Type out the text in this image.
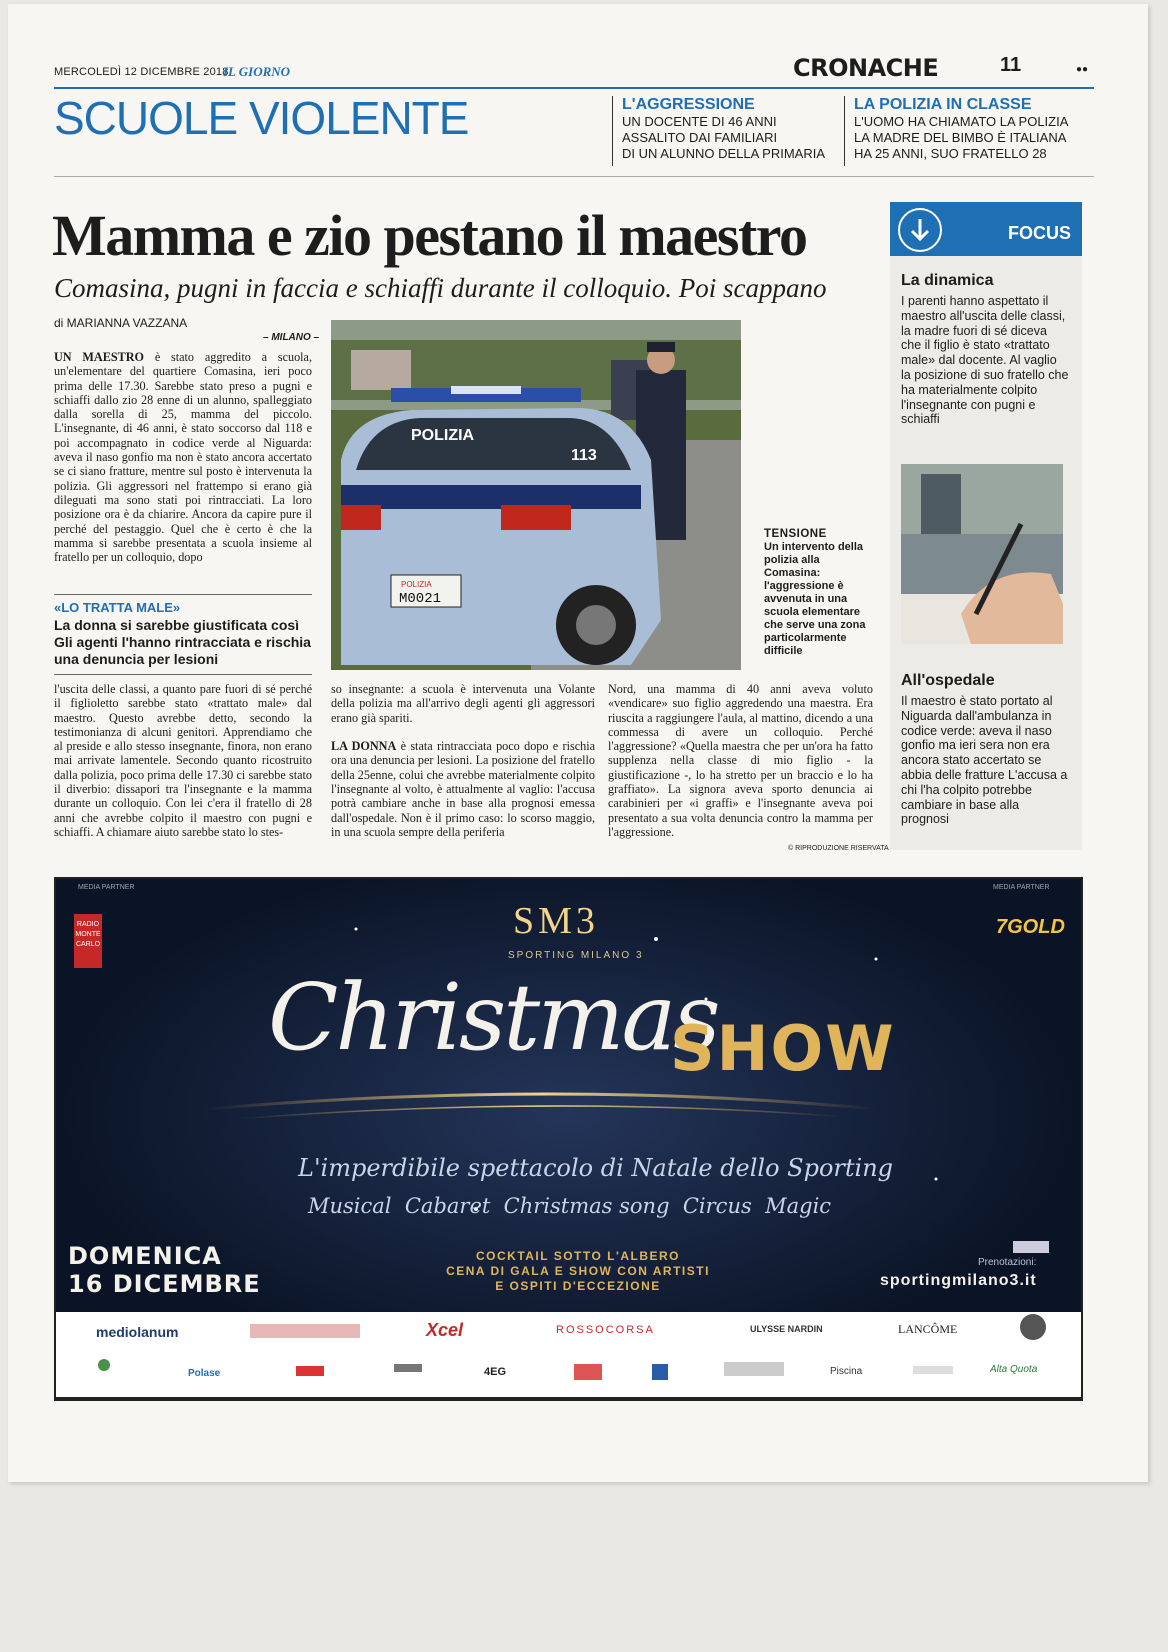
MERCOLEDÌ 12 DICEMBRE 2018
IL GIORNO	CRONACHE	11	●●
SCUOLE VIOLENTE	L'AGGRESSIONE
UN DOCENTE DI 46 ANNI
ASSALITO DAI FAMILIARI
DI UN ALUNNO DELLA PRIMARIA
LA POLIZIA IN CLASSE
L'UOMO HA CHIAMATO LA POLIZIA
LA MADRE DEL BIMBO È ITALIANA
HA 25 ANNI, SUO FRATELLO 28
Mamma e zio pestano il maestro
Comasina, pugni in faccia e schiaffi durante il colloquio. Poi scappano
di MARIANNA VAZZANA
– MILANO –
UN MAESTRO è stato aggredito a scuola, un'elementare del quartiere Comasina, ieri poco prima delle 17.30. Sarebbe stato preso a pugni e schiaffi dallo zio 28 enne di un alunno, spalleggiato dalla sorella di 25, mamma del piccolo. L'insegnante, di 46 anni, è stato soccorso dal 118 e poi accompagnato in codice verde al Niguarda: aveva il naso gonfio ma non è stato ancora accertato se ci siano fratture, mentre sul posto è intervenuta la polizia. Gli aggressori nel frattempo si erano già dileguati ma sono stati poi rintracciati. La loro posizione ora è da chiarire. Ancora da capire pure il perché del pestaggio. Quel che è certo è che la mamma si sarebbe presentata a scuola insieme al fratello per un colloquio, dopo
«LO TRATTA MALE»
La donna si sarebbe giustificata così Gli agenti l'hanno rintracciata e rischia una denuncia per lesioni
l'uscita delle classi, a quanto pare fuori di sé perché il figlioletto sarebbe stato «trattato male» dal maestro. Questo avrebbe detto, secondo la testimonianza di alcuni genitori. Apprendiamo che al preside e allo stesso insegnante, finora, non erano mai arrivate lamentele. Secondo quanto ricostruito dalla polizia, poco prima delle 17.30 ci sarebbe stato il diverbio: dissapori tra l'insegnante e la mamma durante un colloquio. Con lei c'era il fratello di 28 anni che avrebbe colpito il maestro con pugni e schiaffi. A chiamare aiuto sarebbe stato lo stes-
POLIZIA
113
POLIZIA
M0021
TENSIONE
Un intervento della polizia alla Comasina: l'aggressione è avvenuta in una scuola elementare che serve una zona particolarmente difficile
so insegnante: a scuola è intervenuta una Volante della polizia ma all'arrivo degli agenti gli aggressori erano già spariti.

LA DONNA è stata rintracciata poco dopo e rischia ora una denuncia per lesioni. La posizione del fratello della 25enne, colui che avrebbe materialmente colpito l'insegnante al volto, è attualmente al vaglio: l'accusa potrà cambiare anche in base alla prognosi emessa dall'ospedale. Non è il primo caso: lo scorso maggio, in una scuola sempre della periferia
Nord, una mamma di 40 anni aveva voluto «vendicare» suo figlio aggredendo una maestra. Era riuscita a raggiungere l'aula, al mattino, dicendo a una commessa di avere un colloquio. Perché l'aggressione? «Quella maestra che per un'ora ha fatto supplenza nella classe di mio figlio - la giustificazione -, lo ha stretto per un braccio e lo ha graffiato». La signora aveva sporto denuncia ai carabinieri per «i graffi» e l'insegnante aveva poi presentato a sua volta denuncia contro la mamma per l'aggressione.
© RIPRODUZIONE RISERVATA
FOCUS
La dinamica
I parenti hanno aspettato il maestro all'uscita delle classi, la madre fuori di sé diceva che il figlio è stato «trattato male» dal docente. Al vaglio la posizione di suo fratello che ha materialmente colpito l'insegnante con pugni e schiaffi
All'ospedale
Il maestro è stato portato al Niguarda dall'ambulanza in codice verde: aveva il naso gonfio ma ieri sera non era ancora stato accertato se abbia delle fratture L'accusa a chi l'ha colpito potrebbe cambiare in base alla prognosi
MEDIA PARTNER	MEDIA PARTNER
RADIO
MONTE
CARLO
7GOLD
SM3
SPORTING MILANO 3
Christmas
SHOW
L'imperdibile spettacolo di Natale dello Sporting
Musical  Cabaret  Christmas song  Circus  Magic
DOMENICA
16 DICEMBRE
COCKTAIL SOTTO L'ALBERO
CENA DI GALA E SHOW CON ARTISTI
E OSPITI D'ECCEZIONE
Prenotazioni:
sportingmilano3.it
mediolanum	Xcel	ROSSOCORSA	ULYSSE NARDIN	LANCÔME
Polase	4EG	Piscina	Alta Quota
